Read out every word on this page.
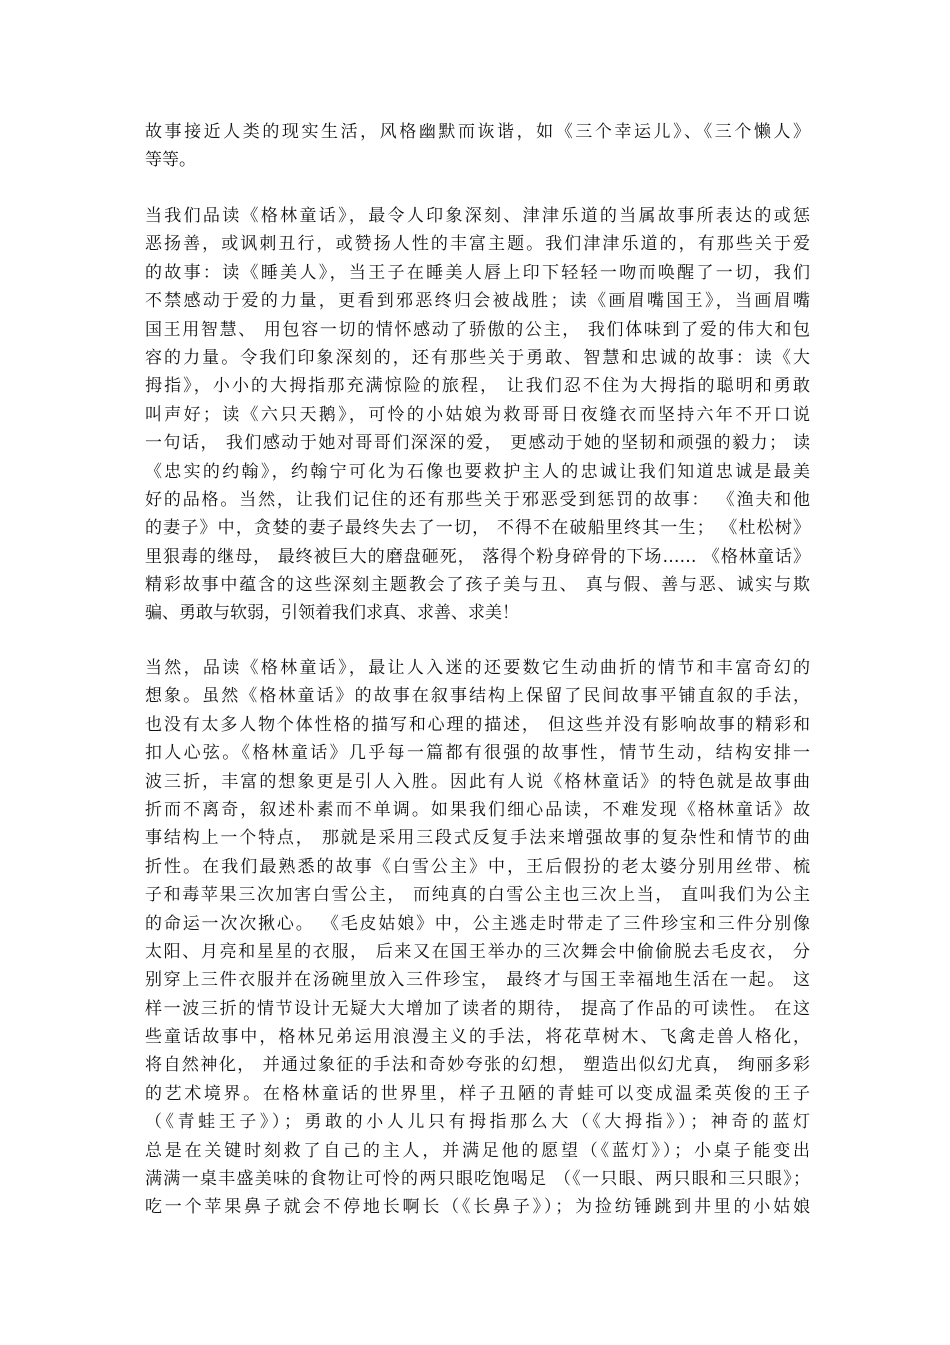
故事接近人类的现实生活，风格幽默而诙谐，如《三个幸运儿》、《三个懒人》
等等。
当我们品读《格林童话》，最令人印象深刻、津津乐道的当属故事所表达的或惩
恶扬善，或讽刺丑行，或赞扬人性的丰富主题。我们津津乐道的，有那些关于爱
的故事：读《睡美人》，当王子在睡美人唇上印下轻轻一吻而唤醒了一切，我们
不禁感动于爱的力量，更看到邪恶终归会被战胜；读《画眉嘴国王》，当画眉嘴
国王用智慧、 用包容一切的情怀感动了骄傲的公主， 我们体味到了爱的伟大和包
容的力量。令我们印象深刻的，还有那些关于勇敢、智慧和忠诚的故事：读《大
拇指》，小小的大拇指那充满惊险的旅程， 让我们忍不住为大拇指的聪明和勇敢
叫声好；读《六只天鹅》，可怜的小姑娘为救哥哥日夜缝衣而坚持六年不开口说
一句话， 我们感动于她对哥哥们深深的爱， 更感动于她的坚韧和顽强的毅力； 读
《忠实的约翰》，约翰宁可化为石像也要救护主人的忠诚让我们知道忠诚是最美
好的品格。当然，让我们记住的还有那些关于邪恶受到惩罚的故事： 《渔夫和他
的妻子》中，贪婪的妻子最终失去了一切， 不得不在破船里终其一生； 《杜松树》
里狠毒的继母， 最终被巨大的磨盘砸死， 落得个粉身碎骨的下场…… 《格林童话》
精彩故事中蕴含的这些深刻主题教会了孩子美与丑、 真与假、善与恶、诚实与欺
骗、勇敢与软弱，引领着我们求真、求善、求美！
当然，品读《格林童话》，最让人入迷的还要数它生动曲折的情节和丰富奇幻的
想象。虽然《格林童话》的故事在叙事结构上保留了民间故事平铺直叙的手法，
也没有太多人物个体性格的描写和心理的描述， 但这些并没有影响故事的精彩和
扣人心弦。《格林童话》几乎每一篇都有很强的故事性，情节生动，结构安排一
波三折，丰富的想象更是引人入胜。因此有人说《格林童话》的特色就是故事曲
折而不离奇，叙述朴素而不单调。如果我们细心品读，不难发现《格林童话》故
事结构上一个特点， 那就是采用三段式反复手法来增强故事的复杂性和情节的曲
折性。在我们最熟悉的故事《白雪公主》中，王后假扮的老太婆分别用丝带、梳
子和毒苹果三次加害白雪公主， 而纯真的白雪公主也三次上当， 直叫我们为公主
的命运一次次揪心。 《毛皮姑娘》中，公主逃走时带走了三件珍宝和三件分别像
太阳、月亮和星星的衣服， 后来又在国王举办的三次舞会中偷偷脱去毛皮衣， 分
别穿上三件衣服并在汤碗里放入三件珍宝， 最终才与国王幸福地生活在一起。 这
样一波三折的情节设计无疑大大增加了读者的期待， 提高了作品的可读性。 在这
些童话故事中，格林兄弟运用浪漫主义的手法，将花草树木、飞禽走兽人格化，
将自然神化， 并通过象征的手法和奇妙夸张的幻想， 塑造出似幻尤真， 绚丽多彩
的艺术境界。在格林童话的世界里，样子丑陋的青蛙可以变成温柔英俊的王子
（《青蛙王子》）；勇敢的小人儿只有拇指那么大（《大拇指》）；神奇的蓝灯
总是在关键时刻救了自己的主人，并满足他的愿望（《蓝灯》）；小桌子能变出
满满一桌丰盛美味的食物让可怜的两只眼吃饱喝足 （《一只眼、两只眼和三只眼》；
吃一个苹果鼻子就会不停地长啊长（《长鼻子》）；为捡纺锤跳到井里的小姑娘
